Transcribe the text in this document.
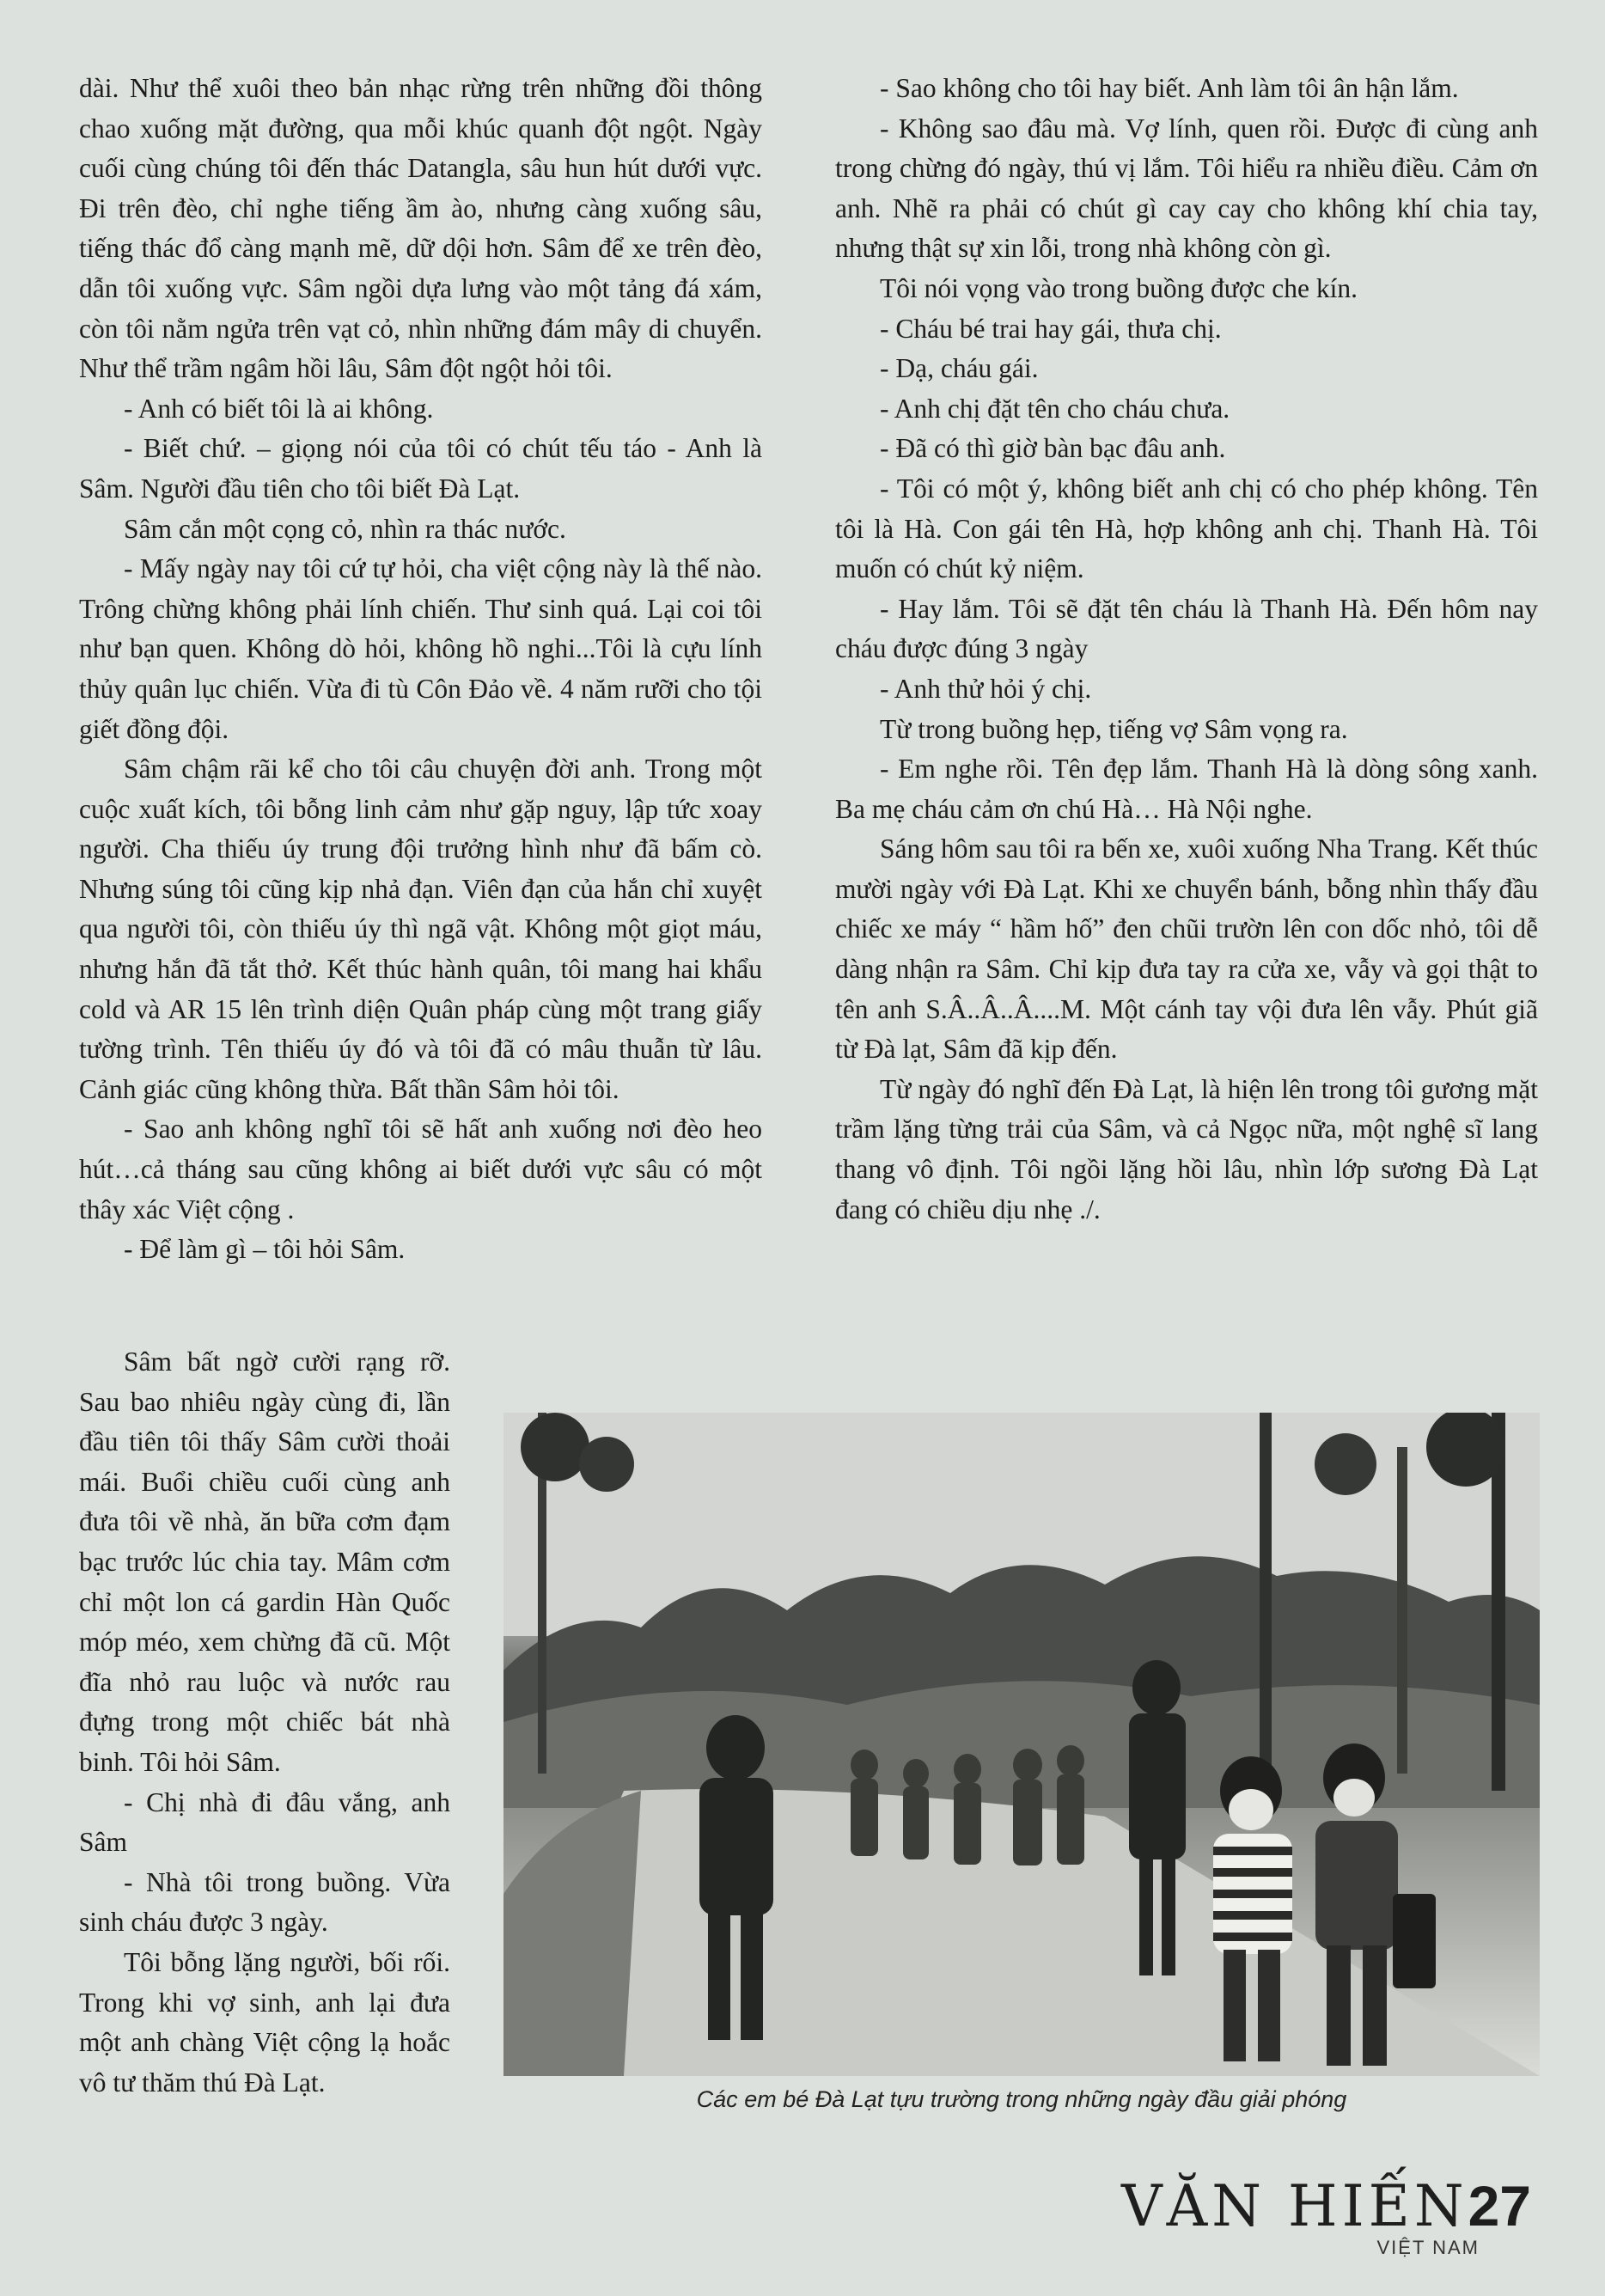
dài. Như thể xuôi theo bản nhạc rừng trên những đồi thông chao xuống mặt đường, qua mỗi khúc quanh đột ngột. Ngày cuối cùng chúng tôi đến thác Datangla, sâu hun hút dưới vực. Đi trên đèo, chỉ nghe tiếng ầm ào, nhưng càng xuống sâu, tiếng thác đổ càng mạnh mẽ, dữ dội hơn. Sâm để xe trên đèo, dẫn tôi xuống vực. Sâm ngồi dựa lưng vào một tảng đá xám, còn tôi nằm ngửa trên vạt cỏ, nhìn những đám mây di chuyển. Như thể trầm ngâm hồi lâu, Sâm đột ngột hỏi tôi.

- Anh có biết tôi là ai không.

- Biết chứ. – giọng nói của tôi có chút tếu táo - Anh là Sâm. Người đầu tiên cho tôi biết Đà Lạt.

Sâm cắn một cọng cỏ, nhìn ra thác nước.

- Mấy ngày nay tôi cứ tự hỏi, cha việt cộng này là thế nào. Trông chừng không phải lính chiến. Thư sinh quá. Lại coi tôi như bạn quen. Không dò hỏi, không hồ nghi...Tôi là cựu lính thủy quân lục chiến. Vừa đi tù Côn Đảo về. 4 năm rưỡi cho tội giết đồng đội.

Sâm chậm rãi kể cho tôi câu chuyện đời anh. Trong một cuộc xuất kích, tôi bỗng linh cảm như gặp nguy, lập tức xoay người. Cha thiếu úy trung đội trưởng hình như đã bấm cò. Nhưng súng tôi cũng kịp nhả đạn. Viên đạn của hắn chỉ xuyệt qua người tôi, còn thiếu úy thì ngã vật. Không một giọt máu, nhưng hắn đã tắt thở. Kết thúc hành quân, tôi mang hai khẩu cold và AR 15 lên trình diện Quân pháp cùng một trang giấy tường trình. Tên thiếu úy đó và tôi đã có mâu thuẫn từ lâu. Cảnh giác cũng không thừa. Bất thần Sâm hỏi tôi.

- Sao anh không nghĩ tôi sẽ hất anh xuống nơi đèo heo hút…cả tháng sau cũng không ai biết dưới vực sâu có một thây xác Việt cộng .

- Để làm gì – tôi hỏi Sâm.

Sâm bất ngờ cười rạng rỡ. Sau bao nhiêu ngày cùng đi, lần đầu tiên tôi thấy Sâm cười thoải mái. Buổi chiều cuối cùng anh đưa tôi về nhà, ăn bữa cơm đạm bạc trước lúc chia tay. Mâm cơm chỉ một lon cá gardin Hàn Quốc móp méo, xem chừng đã cũ. Một đĩa nhỏ rau luộc và nước rau đựng trong một chiếc bát nhà binh. Tôi hỏi Sâm.

- Chị nhà đi đâu vắng, anh Sâm

- Nhà tôi trong buồng. Vừa sinh cháu được 3 ngày.

Tôi bỗng lặng người, bối rối. Trong khi vợ sinh, anh lại đưa một anh chàng Việt cộng lạ hoắc vô tư thăm thú Đà Lạt.

- Sao không cho tôi hay biết. Anh làm tôi ân hận lắm.

- Không sao đâu mà. Vợ lính, quen rồi. Được đi cùng anh trong chừng đó ngày, thú vị lắm. Tôi hiểu ra nhiều điều. Cảm ơn anh. Nhẽ ra phải có chút gì cay cay cho không khí chia tay, nhưng thật sự xin lỗi, trong nhà không còn gì.

Tôi nói vọng vào trong buồng được che kín.

- Cháu bé trai hay gái, thưa chị.

- Dạ, cháu gái.

- Anh chị đặt tên cho cháu chưa.

- Đã có thì giờ bàn bạc đâu anh.

- Tôi có một ý, không biết anh chị có cho phép không. Tên tôi là Hà. Con gái tên Hà, hợp không anh chị. Thanh Hà. Tôi muốn có chút kỷ niệm.

- Hay lắm. Tôi sẽ đặt tên cháu là Thanh Hà. Đến hôm nay cháu được đúng 3 ngày

- Anh thử hỏi ý chị.

Từ trong buồng hẹp, tiếng vợ Sâm vọng ra.

- Em nghe rồi. Tên đẹp lắm. Thanh Hà là dòng sông xanh. Ba mẹ cháu cảm ơn chú Hà… Hà Nội nghe.

Sáng hôm sau tôi ra bến xe, xuôi xuống Nha Trang. Kết thúc mười ngày với Đà Lạt. Khi xe chuyển bánh, bỗng nhìn thấy đầu chiếc xe máy “ hầm hố” đen chũi trườn lên con dốc nhỏ, tôi dễ dàng nhận ra Sâm. Chỉ kịp đưa tay ra cửa xe, vẫy và gọi thật to tên anh S.Â..Â..Â....M. Một cánh tay vội đưa lên vẫy. Phút giã từ Đà lạt, Sâm đã kịp đến.

Từ ngày đó nghĩ đến Đà Lạt, là hiện lên trong tôi gương mặt trầm lặng từng trải của Sâm, và cả Ngọc nữa, một nghệ sĩ lang thang vô định. Tôi ngồi lặng hồi lâu, nhìn lớp sương Đà Lạt đang có chiều dịu nhẹ ./.

Các em bé Đà Lạt tựu trường trong những ngày đầu giải phóng
VĂN HIẾN27
VIỆT NAM
